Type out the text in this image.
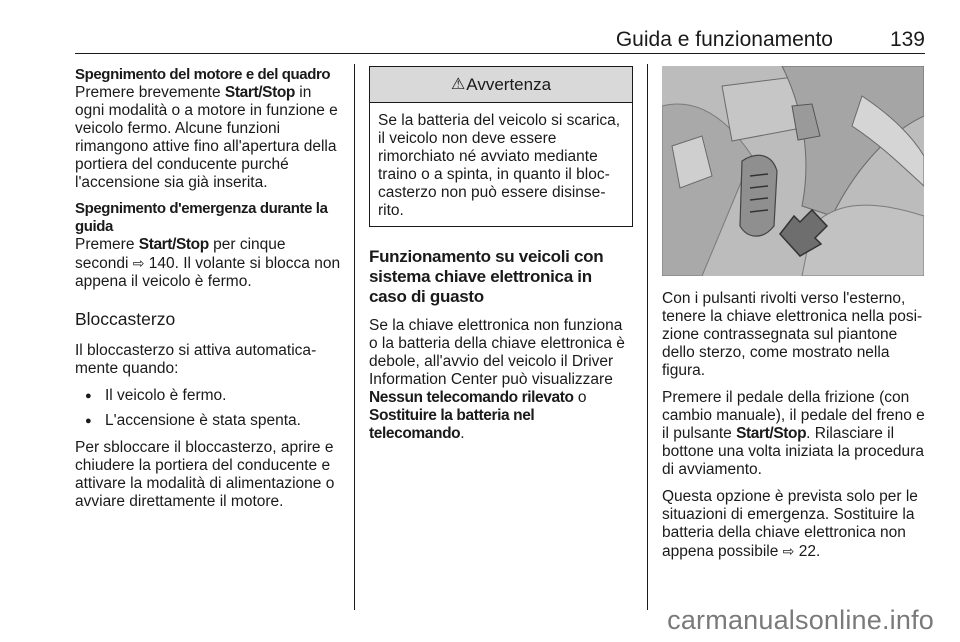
Guida e funzionamento	139
Spegnimento del motore e del quadro
Premere brevemente Start/Stop in ogni modalità o a motore in funzione e veicolo fermo. Alcune funzioni rimangono attive fino all'apertura della portiera del conducente purché l'accensione sia già inserita.
Spegnimento d'emergenza durante la guida
Premere Start/Stop per cinque secondi ⇨ 140. Il volante si blocca non appena il veicolo è fermo.
Bloccasterzo

Il bloccasterzo si attiva automaticamente quando:

● Il veicolo è fermo.
● L'accensione è stata spenta.

Per sbloccare il bloccasterzo, aprire e chiudere la portiera del conducente e attivare la modalità di alimentazione o avviare direttamente il motore.

⚠ Avvertenza
Se la batteria del veicolo si scarica, il veicolo non deve essere rimorchiato né avviato mediante traino o a spinta, in quanto il bloccasterzo non può essere disinserito.
Funzionamento su veicoli con sistema chiave elettronica in caso di guasto

Se la chiave elettronica non funziona o la batteria della chiave elettronica è debole, all'avvio del veicolo il Driver Information Center può visualizzare Nessun telecomando rilevato o Sostituire la batteria nel telecomando.

Con i pulsanti rivolti verso l'esterno, tenere la chiave elettronica nella posizione contrassegnata sul piantone dello sterzo, come mostrato nella figura.

Premere il pedale della frizione (con cambio manuale), il pedale del freno e il pulsante Start/Stop. Rilasciare il bottone una volta iniziata la procedura di avviamento.

Questa opzione è prevista solo per le situazioni di emergenza. Sostituire la batteria della chiave elettronica non appena possibile ⇨ 22.

carmanualsonline.info
